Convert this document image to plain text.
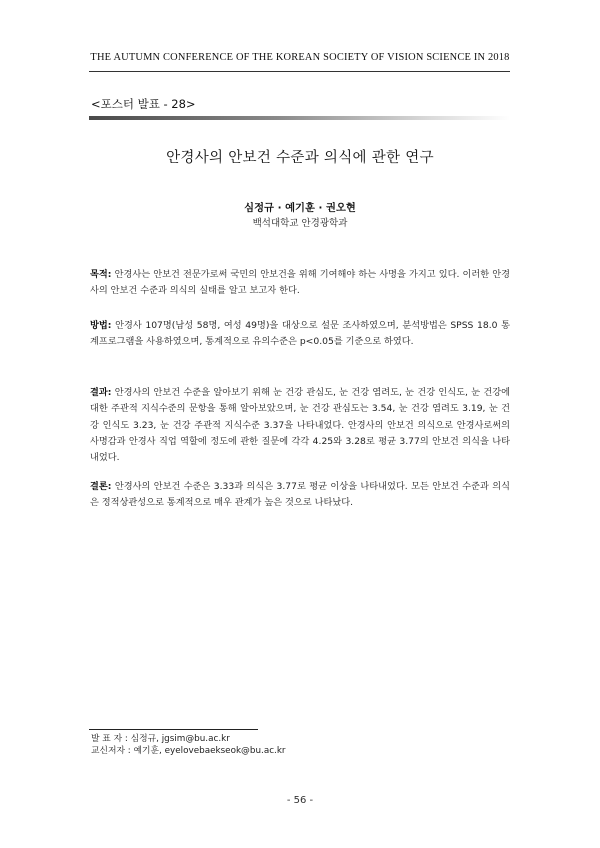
THE AUTUMN CONFERENCE OF THE KOREAN SOCIETY OF VISION SCIENCE IN 2018
<포스터 발표 - 28>
안경사의 안보건 수준과 의식에 관한 연구
심정규 · 예기훈 · 권오현
백석대학교 안경광학과
목적: 안경사는 안보건 전문가로써 국민의 안보건을 위해 기여해야 하는 사명을 가지고 있다. 이러한 안경사의 안보건 수준과 의식의 실태를 알고 보고자 한다.
방법: 안경사 107명(남성 58명, 여성 49명)을 대상으로 설문 조사하였으며, 분석방법은 SPSS 18.0 통계프로그램을 사용하였으며, 통계적으로 유의수준은 p<0.05를 기준으로 하였다.
결과: 안경사의 안보건 수준을 알아보기 위해 눈 건강 관심도, 눈 건강 염려도, 눈 건강 인식도, 눈 건강에 대한 주관적 지식수준의 문항을 통해 알아보았으며, 눈 건강 관심도는 3.54, 눈 건강 염려도 3.19, 눈 건강 인식도 3.23, 눈 건강 주관적 지식수준 3.37을 나타내었다. 안경사의 안보건 의식으로 안경사로써의 사명감과 안경사 직업 역할에 정도에 관한 질문에 각각 4.25와 3.28로 평균 3.77의 안보건 의식을 나타내었다.
결론: 안경사의 안보건 수준은 3.33과 의식은 3.77로 평균 이상을 나타내었다. 모든 안보건 수준과 의식은 정적상관성으로 통계적으로 매우 관계가 높은 것으로 나타났다.
발 표 자 : 심정규, jgsim@bu.ac.kr
교신저자 : 예기훈, eyelovebaekseok@bu.ac.kr
- 56 -
